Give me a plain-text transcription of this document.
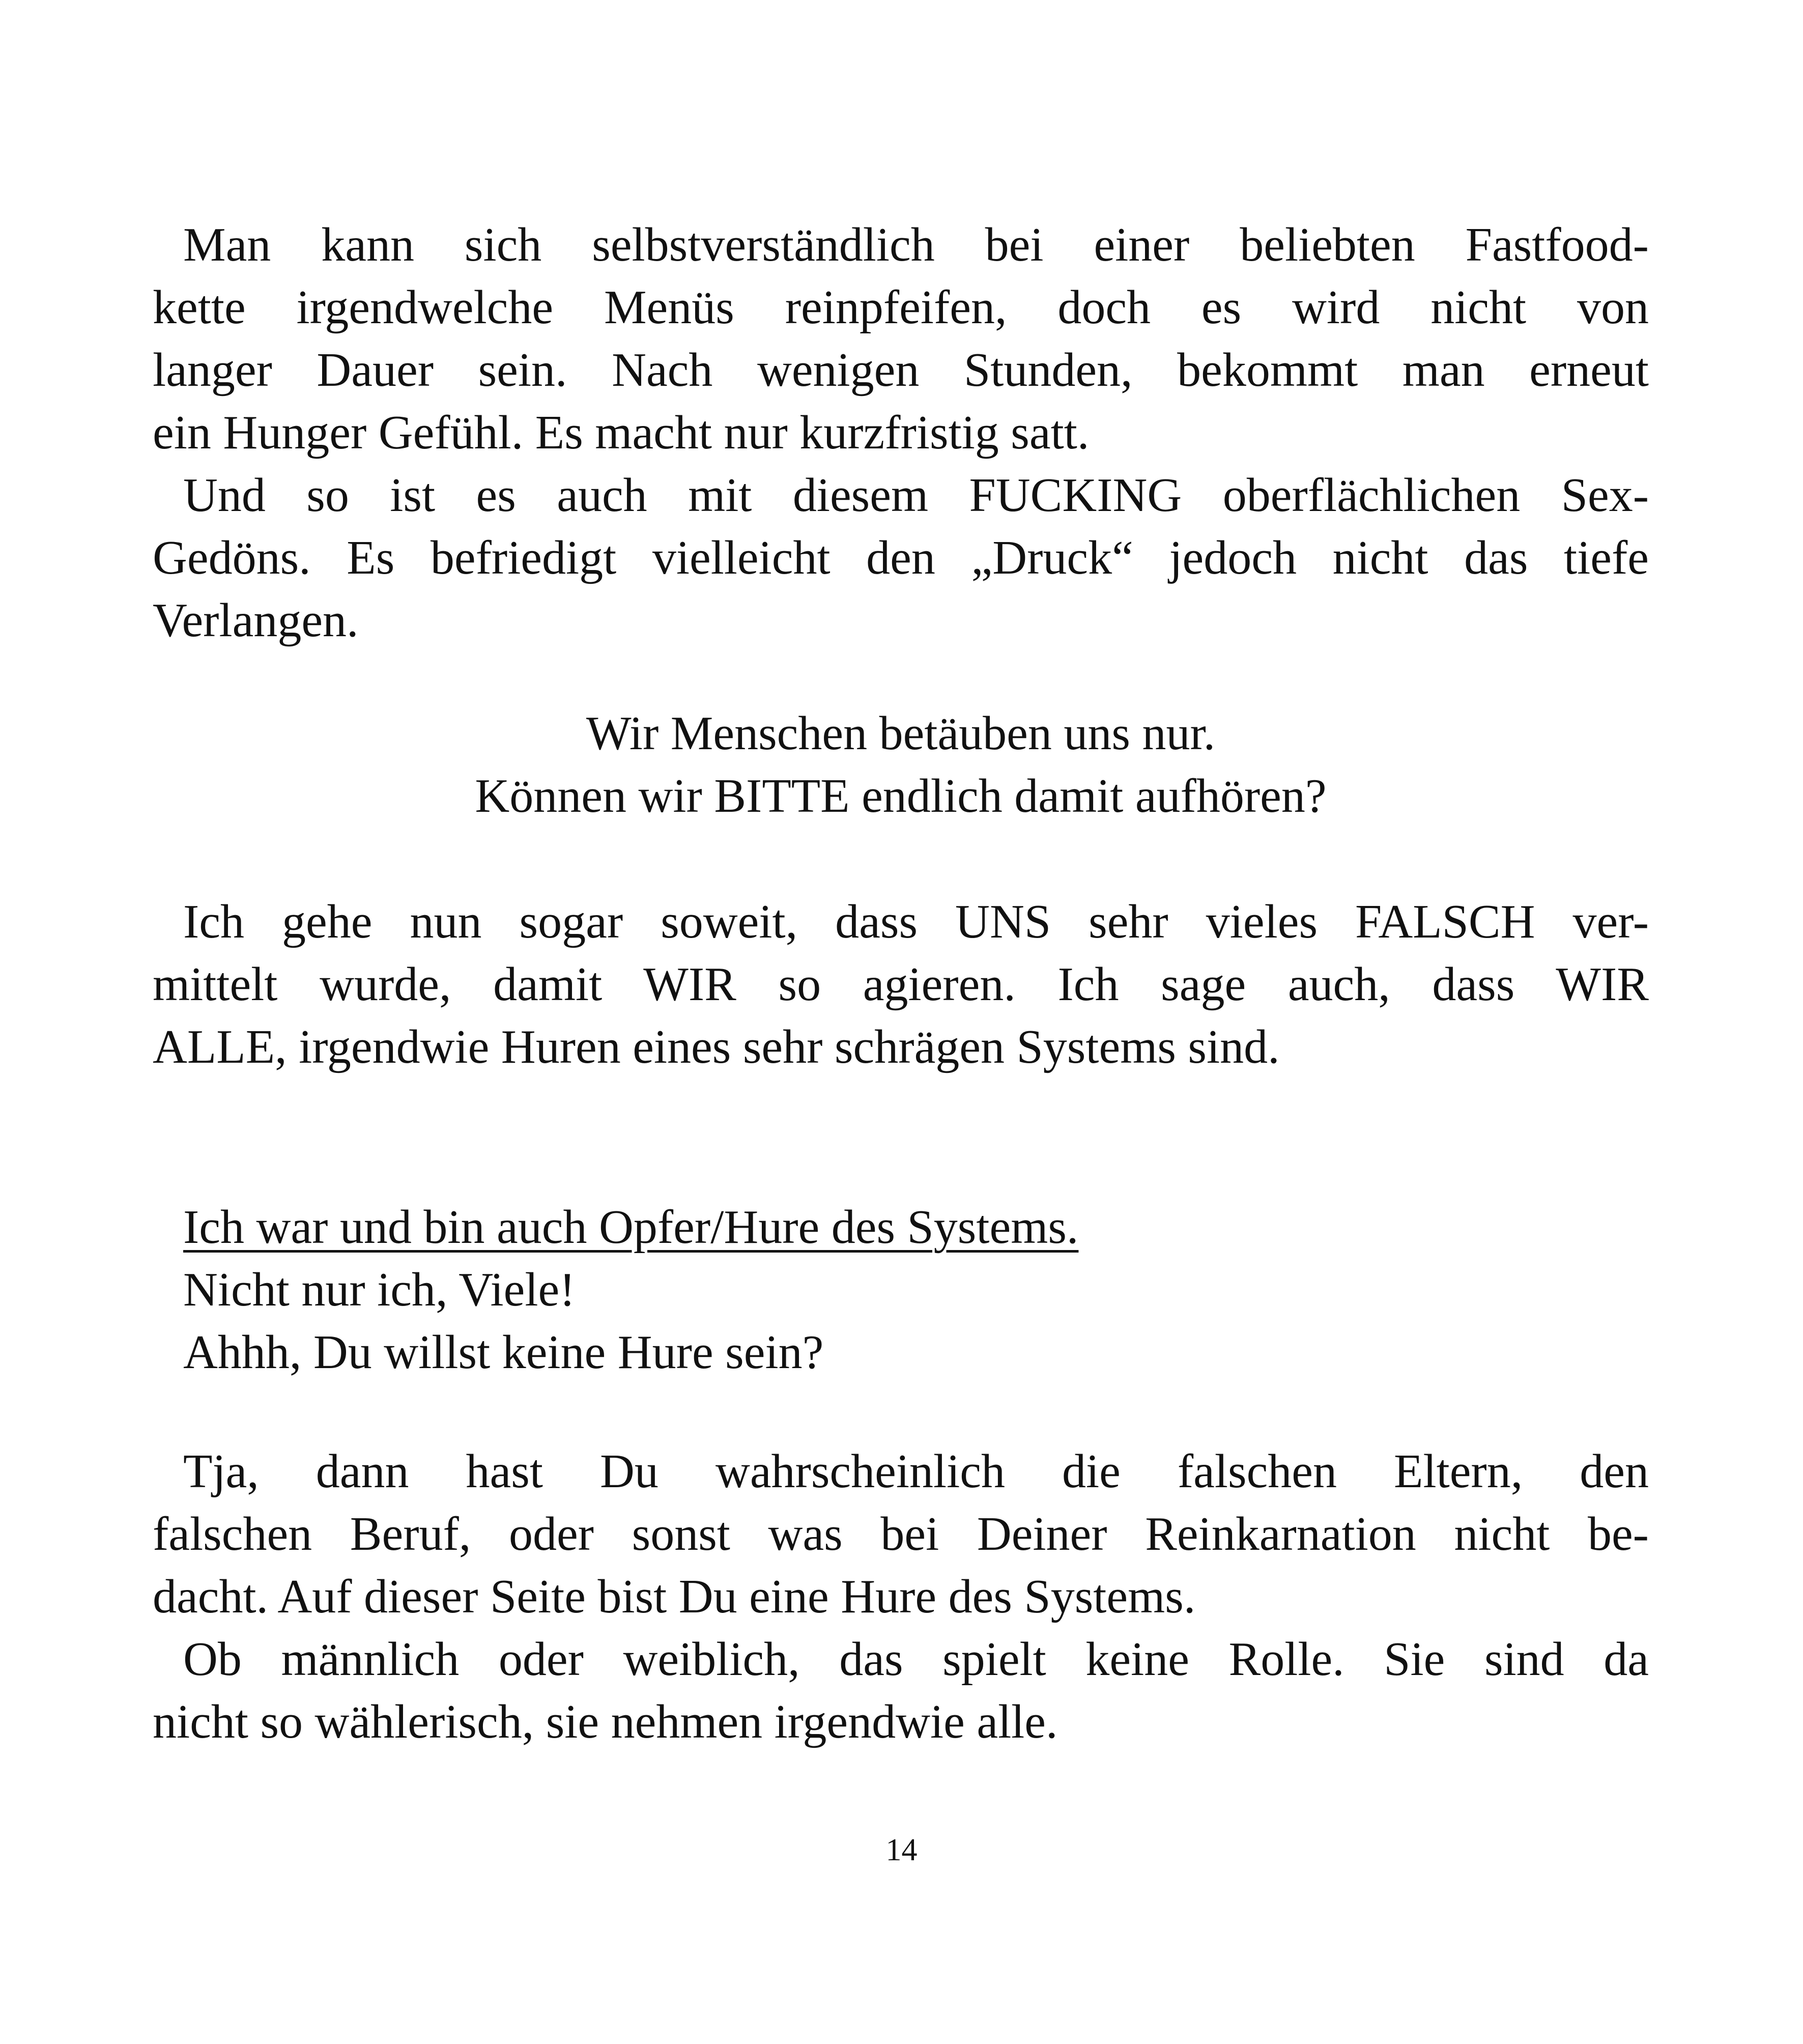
Man kann sich selbstverständlich bei einer beliebten Fastfood-
kette irgendwelche Menüs reinpfeifen, doch es wird nicht von
langer Dauer sein. Nach wenigen Stunden, bekommt man erneut
ein Hunger Gefühl. Es macht nur kurzfristig satt.
Und so ist es auch mit diesem FUCKING oberflächlichen Sex-
Gedöns. Es befriedigt vielleicht den „Druck“ jedoch nicht das tiefe
Verlangen.
Wir Menschen betäuben uns nur.
Können wir BITTE endlich damit aufhören?
Ich gehe nun sogar soweit, dass UNS sehr vieles FALSCH ver-
mittelt wurde, damit WIR so agieren. Ich sage auch, dass WIR
ALLE, irgendwie Huren eines sehr schrägen Systems sind.
Ich war und bin auch Opfer/Hure des Systems.
Nicht nur ich, Viele!
Ahhh, Du willst keine Hure sein?
Tja, dann hast Du wahrscheinlich die falschen Eltern, den
falschen Beruf, oder sonst was bei Deiner Reinkarnation nicht be-
dacht. Auf dieser Seite bist Du eine Hure des Systems.
Ob männlich oder weiblich, das spielt keine Rolle. Sie sind da
nicht so wählerisch, sie nehmen irgendwie alle.
14
